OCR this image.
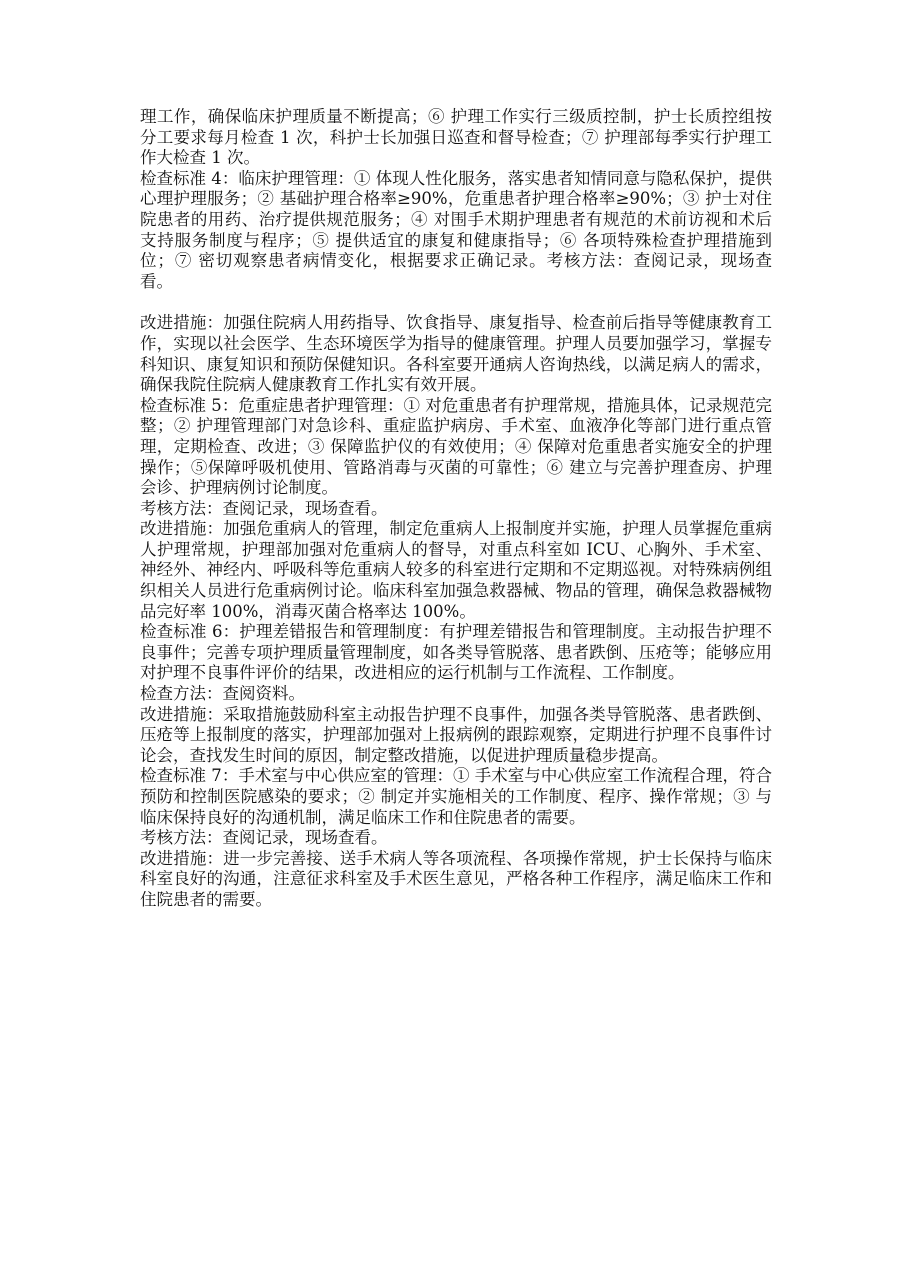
理工作，确保临床护理质量不断提高；⑥ 护理工作实行三级质控制，护士长质控组按分工要求每月检查 1 次，科护士长加强日巡查和督导检查；⑦ 护理部每季实行护理工作大检查 1 次。

检查标准 4：临床护理管理：① 体现人性化服务，落实患者知情同意与隐私保护，提供心理护理服务；② 基础护理合格率≥90%，危重患者护理合格率≥90%；③ 护士对住院患者的用药、治疗提供规范服务；④ 对围手术期护理患者有规范的术前访视和术后支持服务制度与程序；⑤ 提供适宜的康复和健康指导；⑥ 各项特殊检查护理措施到位；⑦ 密切观察患者病情变化，根据要求正确记录。考核方法：查阅记录，现场查看。

改进措施：加强住院病人用药指导、饮食指导、康复指导、检查前后指导等健康教育工作，实现以社会医学、生态环境医学为指导的健康管理。护理人员要加强学习，掌握专科知识、康复知识和预防保健知识。各科室要开通病人咨询热线，以满足病人的需求，确保我院住院病人健康教育工作扎实有效开展。

检查标准 5：危重症患者护理管理：① 对危重患者有护理常规，措施具体，记录规范完整；② 护理管理部门对急诊科、重症监护病房、手术室、血液净化等部门进行重点管理，定期检查、改进；③ 保障监护仪的有效使用；④ 保障对危重患者实施安全的护理操作；⑤保障呼吸机使用、管路消毒与灭菌的可靠性；⑥ 建立与完善护理查房、护理会诊、护理病例讨论制度。

考核方法：查阅记录，现场查看。

改进措施：加强危重病人的管理，制定危重病人上报制度并实施，护理人员掌握危重病人护理常规，护理部加强对危重病人的督导，对重点科室如 ICU、心胸外、手术室、神经外、神经内、呼吸科等危重病人较多的科室进行定期和不定期巡视。对特殊病例组织相关人员进行危重病例讨论。临床科室加强急救器械、物品的管理，确保急救器械物品完好率 100%，消毒灭菌合格率达 100%。

检查标准 6：护理差错报告和管理制度：有护理差错报告和管理制度。主动报告护理不良事件；完善专项护理质量管理制度，如各类导管脱落、患者跌倒、压疮等；能够应用对护理不良事件评价的结果，改进相应的运行机制与工作流程、工作制度。

检查方法：查阅资料。

改进措施：采取措施鼓励科室主动报告护理不良事件，加强各类导管脱落、患者跌倒、压疮等上报制度的落实，护理部加强对上报病例的跟踪观察，定期进行护理不良事件讨论会，查找发生时间的原因，制定整改措施，以促进护理质量稳步提高。

检查标准 7：手术室与中心供应室的管理：① 手术室与中心供应室工作流程合理，符合预防和控制医院感染的要求；② 制定并实施相关的工作制度、程序、操作常规；③ 与临床保持良好的沟通机制，满足临床工作和住院患者的需要。

考核方法：查阅记录，现场查看。

改进措施：进一步完善接、送手术病人等各项流程、各项操作常规，护士长保持与临床科室良好的沟通，注意征求科室及手术医生意见，严格各种工作程序，满足临床工作和住院患者的需要。
